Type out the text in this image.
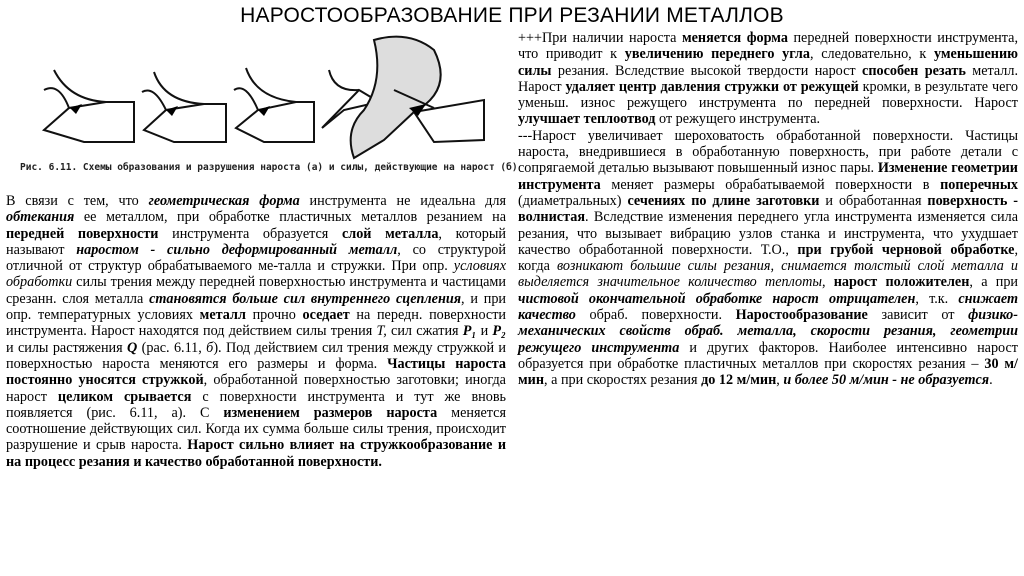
НАРОСТООБРАЗОВАНИЕ ПРИ РЕЗАНИИ МЕТАЛЛОВ
Рис. 6.11. Схемы образования и разрушения нароста (а) и силы, действующие на нарост (б)

В связи с тем, что геометрическая форма инструмента не идеальна для обтекания ее металлом, при обработке пластичных металлов резанием на передней поверхности инструмента образуется слой металла, который называют наростом - сильно деформированный металл, со структурой отличной от структур обрабатываемого ме-талла и стружки. При опр. условиях обработки силы трения между передней поверхностью инструмента и частицами срезанн. слоя металла становятся больше сил внутреннего сцепления, и при опр. температурных условиях металл прочно оседает на передн. поверхности инструмента. Нарост находятся под действием силы трения T, сил сжатия P₁ и P₂ и силы растяжения Q (рас. 6.11, б). Под действием сил трения между стружкой и поверхностью нароста меняются его размеры и форма. Частицы нароста постоянно уносятся стружкой, обработанной поверхностью заготовки; иногда нарост целиком срывается с поверхности инструмента и тут же вновь появляется (рис. 6.11, а). С изменением размеров нароста меняется соотношение действующих сил. Когда их сумма больше силы трения, происходит разрушение и срыв нароста. Нарост сильно влияет на стружкообразование и на процесс резания и качество обработанной поверхности.

+++При наличии нароста меняется форма передней поверхности инструмента, что приводит к увеличению переднего угла, следовательно, к уменьшению силы резания. Вследствие высокой твердости нарост способен резать металл. Нарост удаляет центр давления стружки от режущей кромки, в результате чего уменьш. износ режущего инструмента по передней поверхности. Нарост улучшает теплоотвод от режущего инструмента.

---Нарост увеличивает шероховатость обработанной поверхности. Частицы нароста, внедрившиеся в обработанную поверхность, при работе детали с сопрягаемой деталью вызывают повышенный износ пары. Изменение геометрии инструмента меняет размеры обрабатываемой поверхности в поперечных (диаметральных) сечениях по длине заготовки и обработанная поверхность - волнистая. Вследствие изменения переднего угла инструмента изменяется сила резания, что вызывает вибрацию узлов станка и инструмента, что ухудшает качество обработанной поверхности. Т.О., при грубой черновой обработке, когда возникают большие силы резания, снимается толстый слой металла и выделяется значительное количество теплоты, нарост положителен, а при чистовой окончательной обработке нарост отрицателен, т.к. снижает качество обраб. поверхности. Наростообразование зависит от физико-механических свойств обраб. металла, скорости резания, геометрии режущего инструмента и других факторов. Наиболее интенсивно нарост образуется при обработке пластичных металлов при скоростях резания – 30 м/мин, а при скоростях резания до 12 м/мин, и более 50 м/мин - не образуется.
